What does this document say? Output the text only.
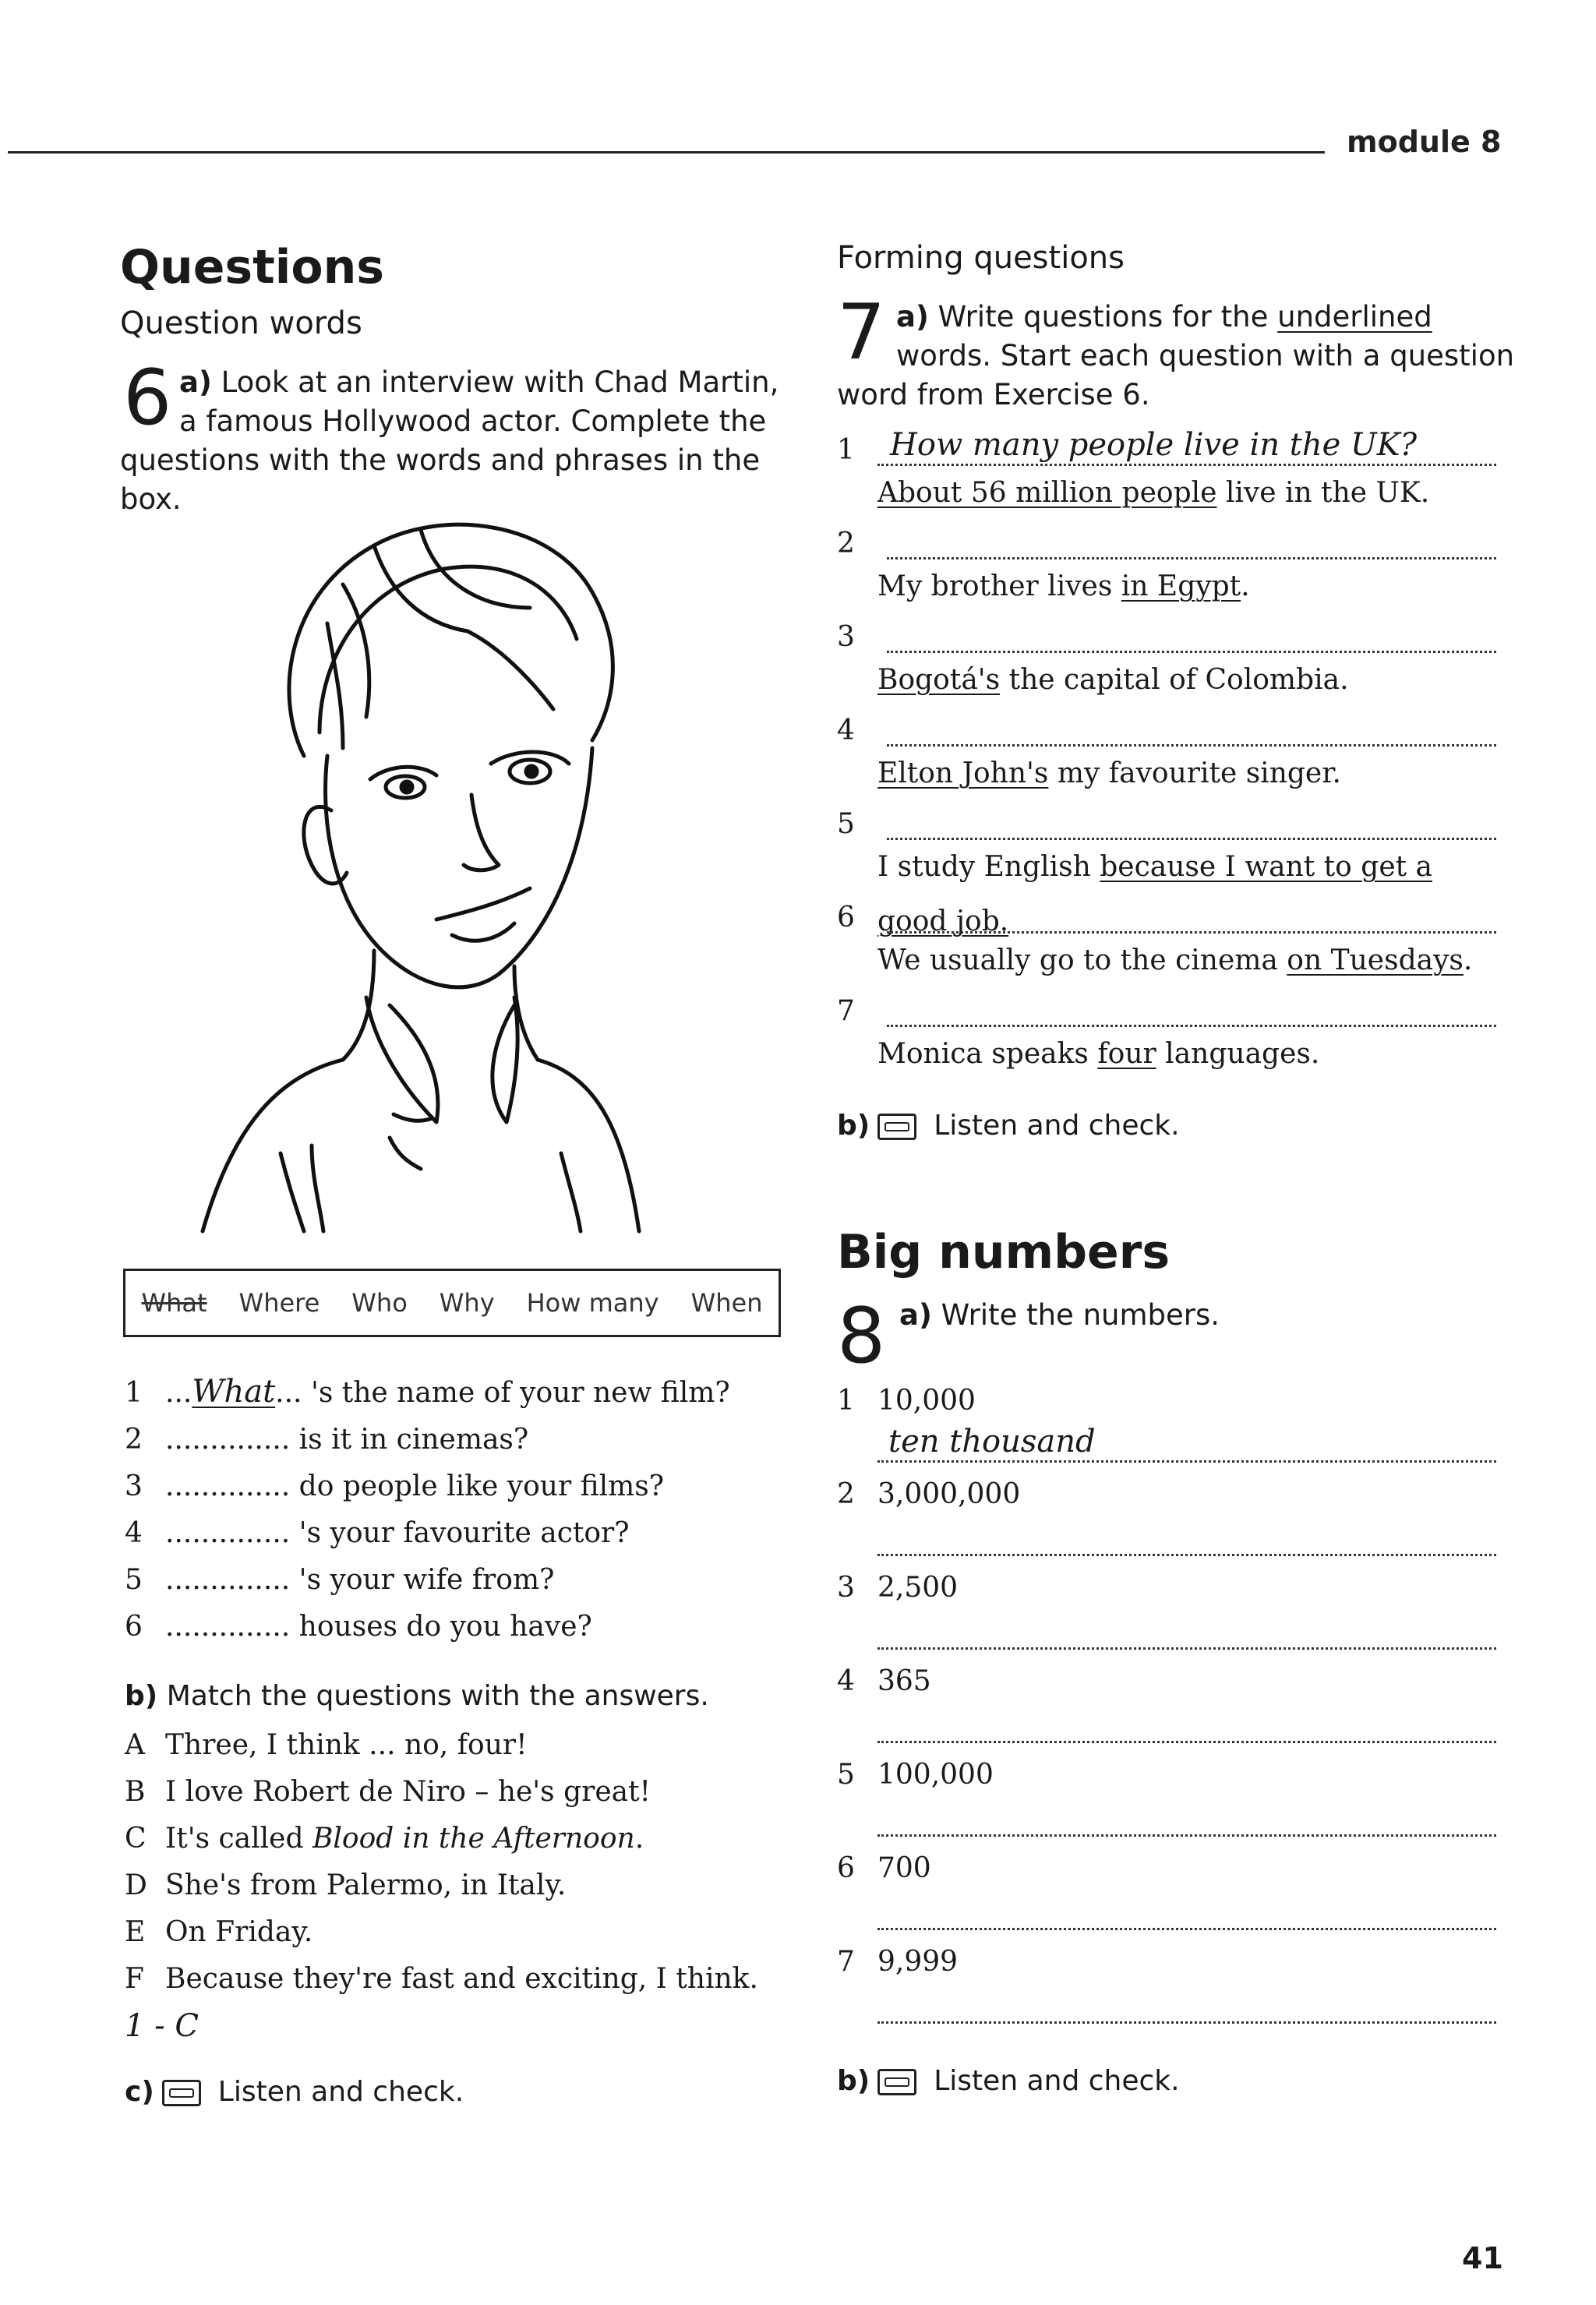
module 8
Questions
Question words
6 a) Look at an interview with Chad Martin,
a famous Hollywood actor. Complete the
questions with the words and phrases in the box.
What Where Who Why How many When
1 ...What... 's the name of your new film?
2 .............. is it in cinemas?
3 .............. do people like your films?
4 .............. 's your favourite actor?
5 .............. 's your wife from?
6 .............. houses do you have?
b) Match the questions with the answers.
A Three, I think ... no, four!
B I love Robert de Niro – he's great!
C It's called Blood in the Afternoon.
D She's from Palermo, in Italy.
E On Friday.
F Because they're fast and exciting, I think.
1 - C
c) Listen and check.
Forming questions
7 a) Write questions for the underlined
words. Start each question with a question
word from Exercise 6.
1	How many people live in the UK?
About 56 million people live in the UK.
2
My brother lives in Egypt.
3
Bogotá's the capital of Colombia.
4
Elton John's my favourite singer.
5
I study English because I want to get a good job.
6
We usually go to the cinema on Tuesdays.
7
Monica speaks four languages.
b) Listen and check.
Big numbers
8 a) Write the numbers.
1 10,000
ten thousand
2 3,000,000
3 2,500
4 365
5 100,000
6 700
7 9,999
b) Listen and check.
41
